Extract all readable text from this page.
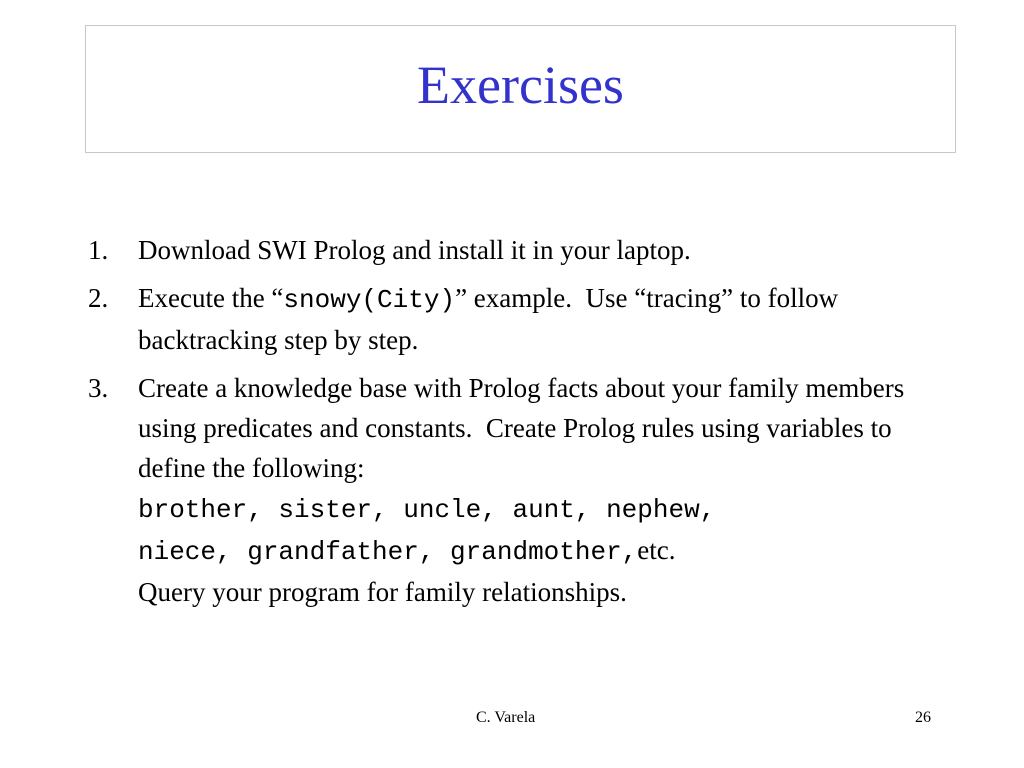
Exercises
1. Download SWI Prolog and install it in your laptop.
2. Execute the “snowy(City)” example.  Use “tracing” to follow backtracking step by step.
3. Create a knowledge base with Prolog facts about your family members using predicates and constants.  Create Prolog rules using variables to define the following:
brother, sister, uncle, aunt, nephew,
niece, grandfather, grandmother,etc.
Query your program for family relationships.
C. Varela	26
